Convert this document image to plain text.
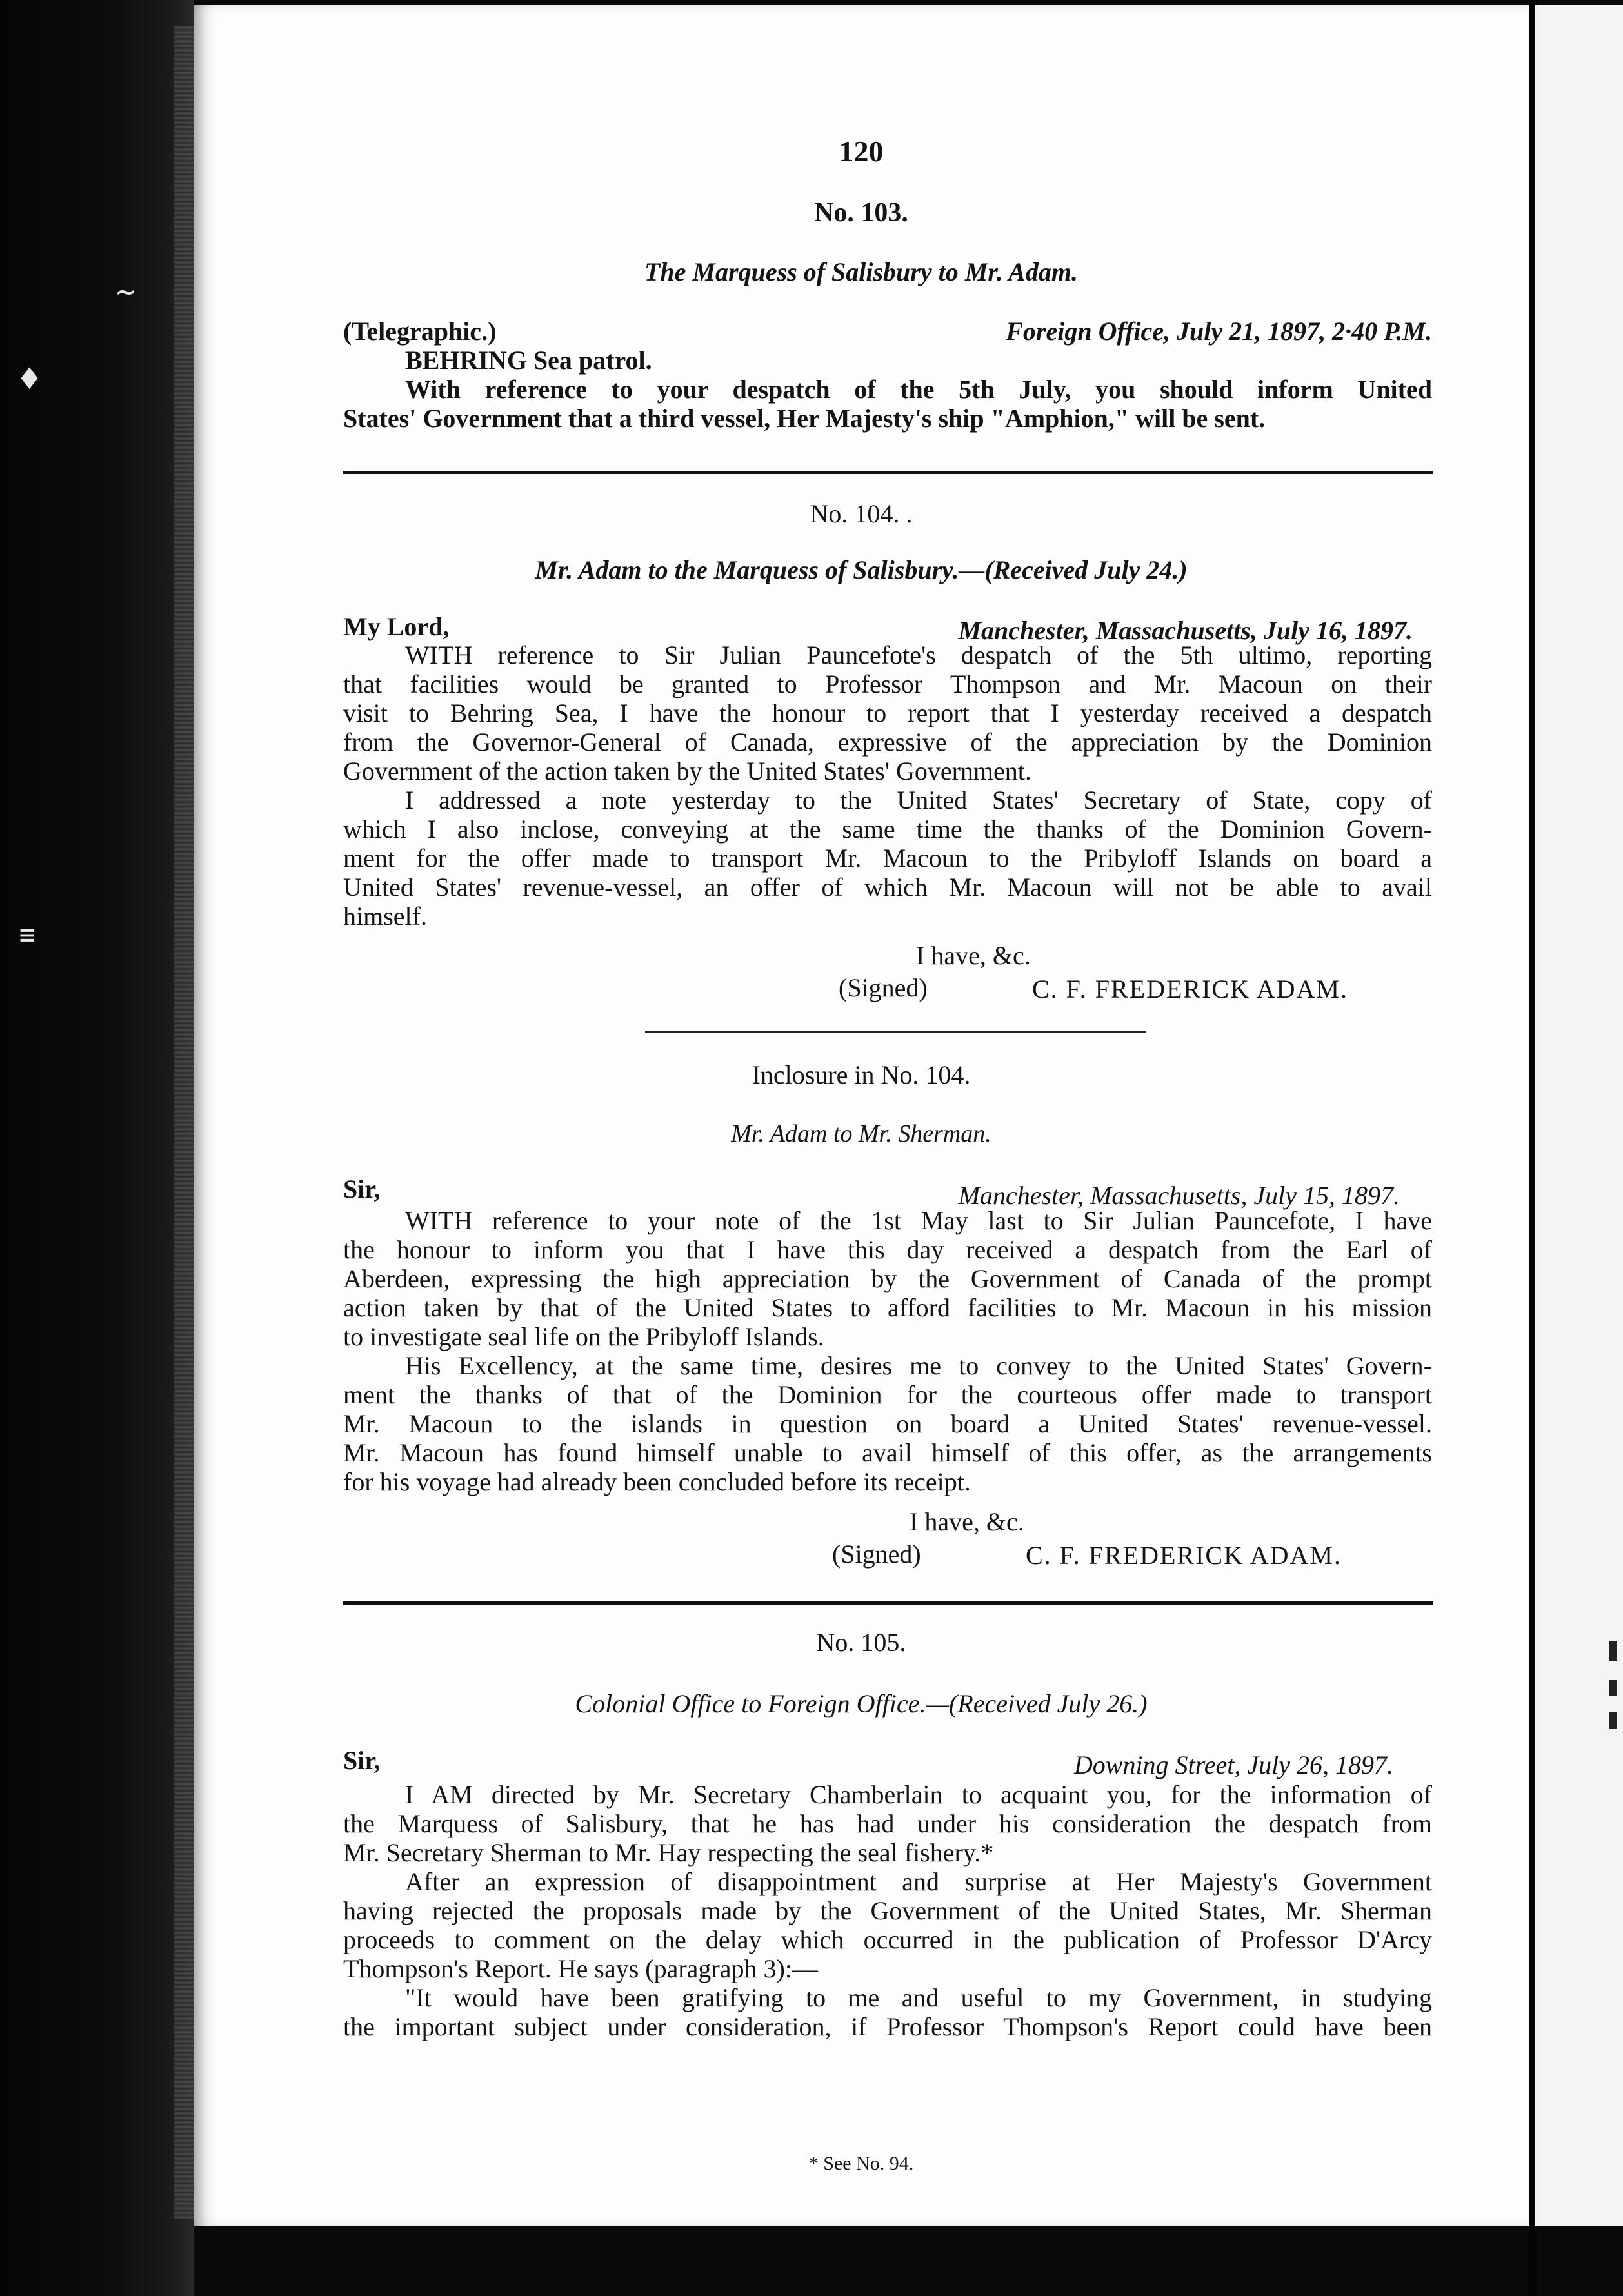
∼
♦
≡
120
No. 103.
The Marquess of Salisbury to Mr. Adam.
(Telegraphic.)	Foreign Office, July 21, 1897, 2·40 P.M.
BEHRING Sea patrol.
With reference to your despatch of the 5th July, you should inform United
States' Government that a third vessel, Her Majesty's ship "Amphion," will be sent.
No. 104. .
Mr. Adam to the Marquess of Salisbury.—(Received July 24.)
My Lord,	Manchester, Massachusetts, July 16, 1897.
WITH reference to Sir Julian Pauncefote's despatch of the 5th ultimo, reporting
that facilities would be granted to Professor Thompson and Mr. Macoun on their
visit to Behring Sea, I have the honour to report that I yesterday received a despatch
from the Governor-General of Canada, expressive of the appreciation by the Dominion
Government of the action taken by the United States' Government.
I addressed a note yesterday to the United States' Secretary of State, copy of
which I also inclose, conveying at the same time the thanks of the Dominion Govern-
ment for the offer made to transport Mr. Macoun to the Pribyloff Islands on board a
United States' revenue-vessel, an offer of which Mr. Macoun will not be able to avail
himself.
I have, &c.
(Signed)	C. F. FREDERICK ADAM.
Inclosure in No. 104.
Mr. Adam to Mr. Sherman.
Sir,	Manchester, Massachusetts, July 15, 1897.
WITH reference to your note of the 1st May last to Sir Julian Pauncefote, I have
the honour to inform you that I have this day received a despatch from the Earl of
Aberdeen, expressing the high appreciation by the Government of Canada of the prompt
action taken by that of the United States to afford facilities to Mr. Macoun in his mission
to investigate seal life on the Pribyloff Islands.
His Excellency, at the same time, desires me to convey to the United States' Govern-
ment the thanks of that of the Dominion for the courteous offer made to transport
Mr. Macoun to the islands in question on board a United States' revenue-vessel.
Mr. Macoun has found himself unable to avail himself of this offer, as the arrangements
for his voyage had already been concluded before its receipt.
I have, &c.
(Signed)	C. F. FREDERICK ADAM.
No. 105.
Colonial Office to Foreign Office.—(Received July 26.)
Sir,	Downing Street, July 26, 1897.
I AM directed by Mr. Secretary Chamberlain to acquaint you, for the information of
the Marquess of Salisbury, that he has had under his consideration the despatch from
Mr. Secretary Sherman to Mr. Hay respecting the seal fishery.*
After an expression of disappointment and surprise at Her Majesty's Government
having rejected the proposals made by the Government of the United States, Mr. Sherman
proceeds to comment on the delay which occurred in the publication of Professor D'Arcy
Thompson's Report. He says (paragraph 3):—
"It would have been gratifying to me and useful to my Government, in studying
the important subject under consideration, if Professor Thompson's Report could have been
* See No. 94.
